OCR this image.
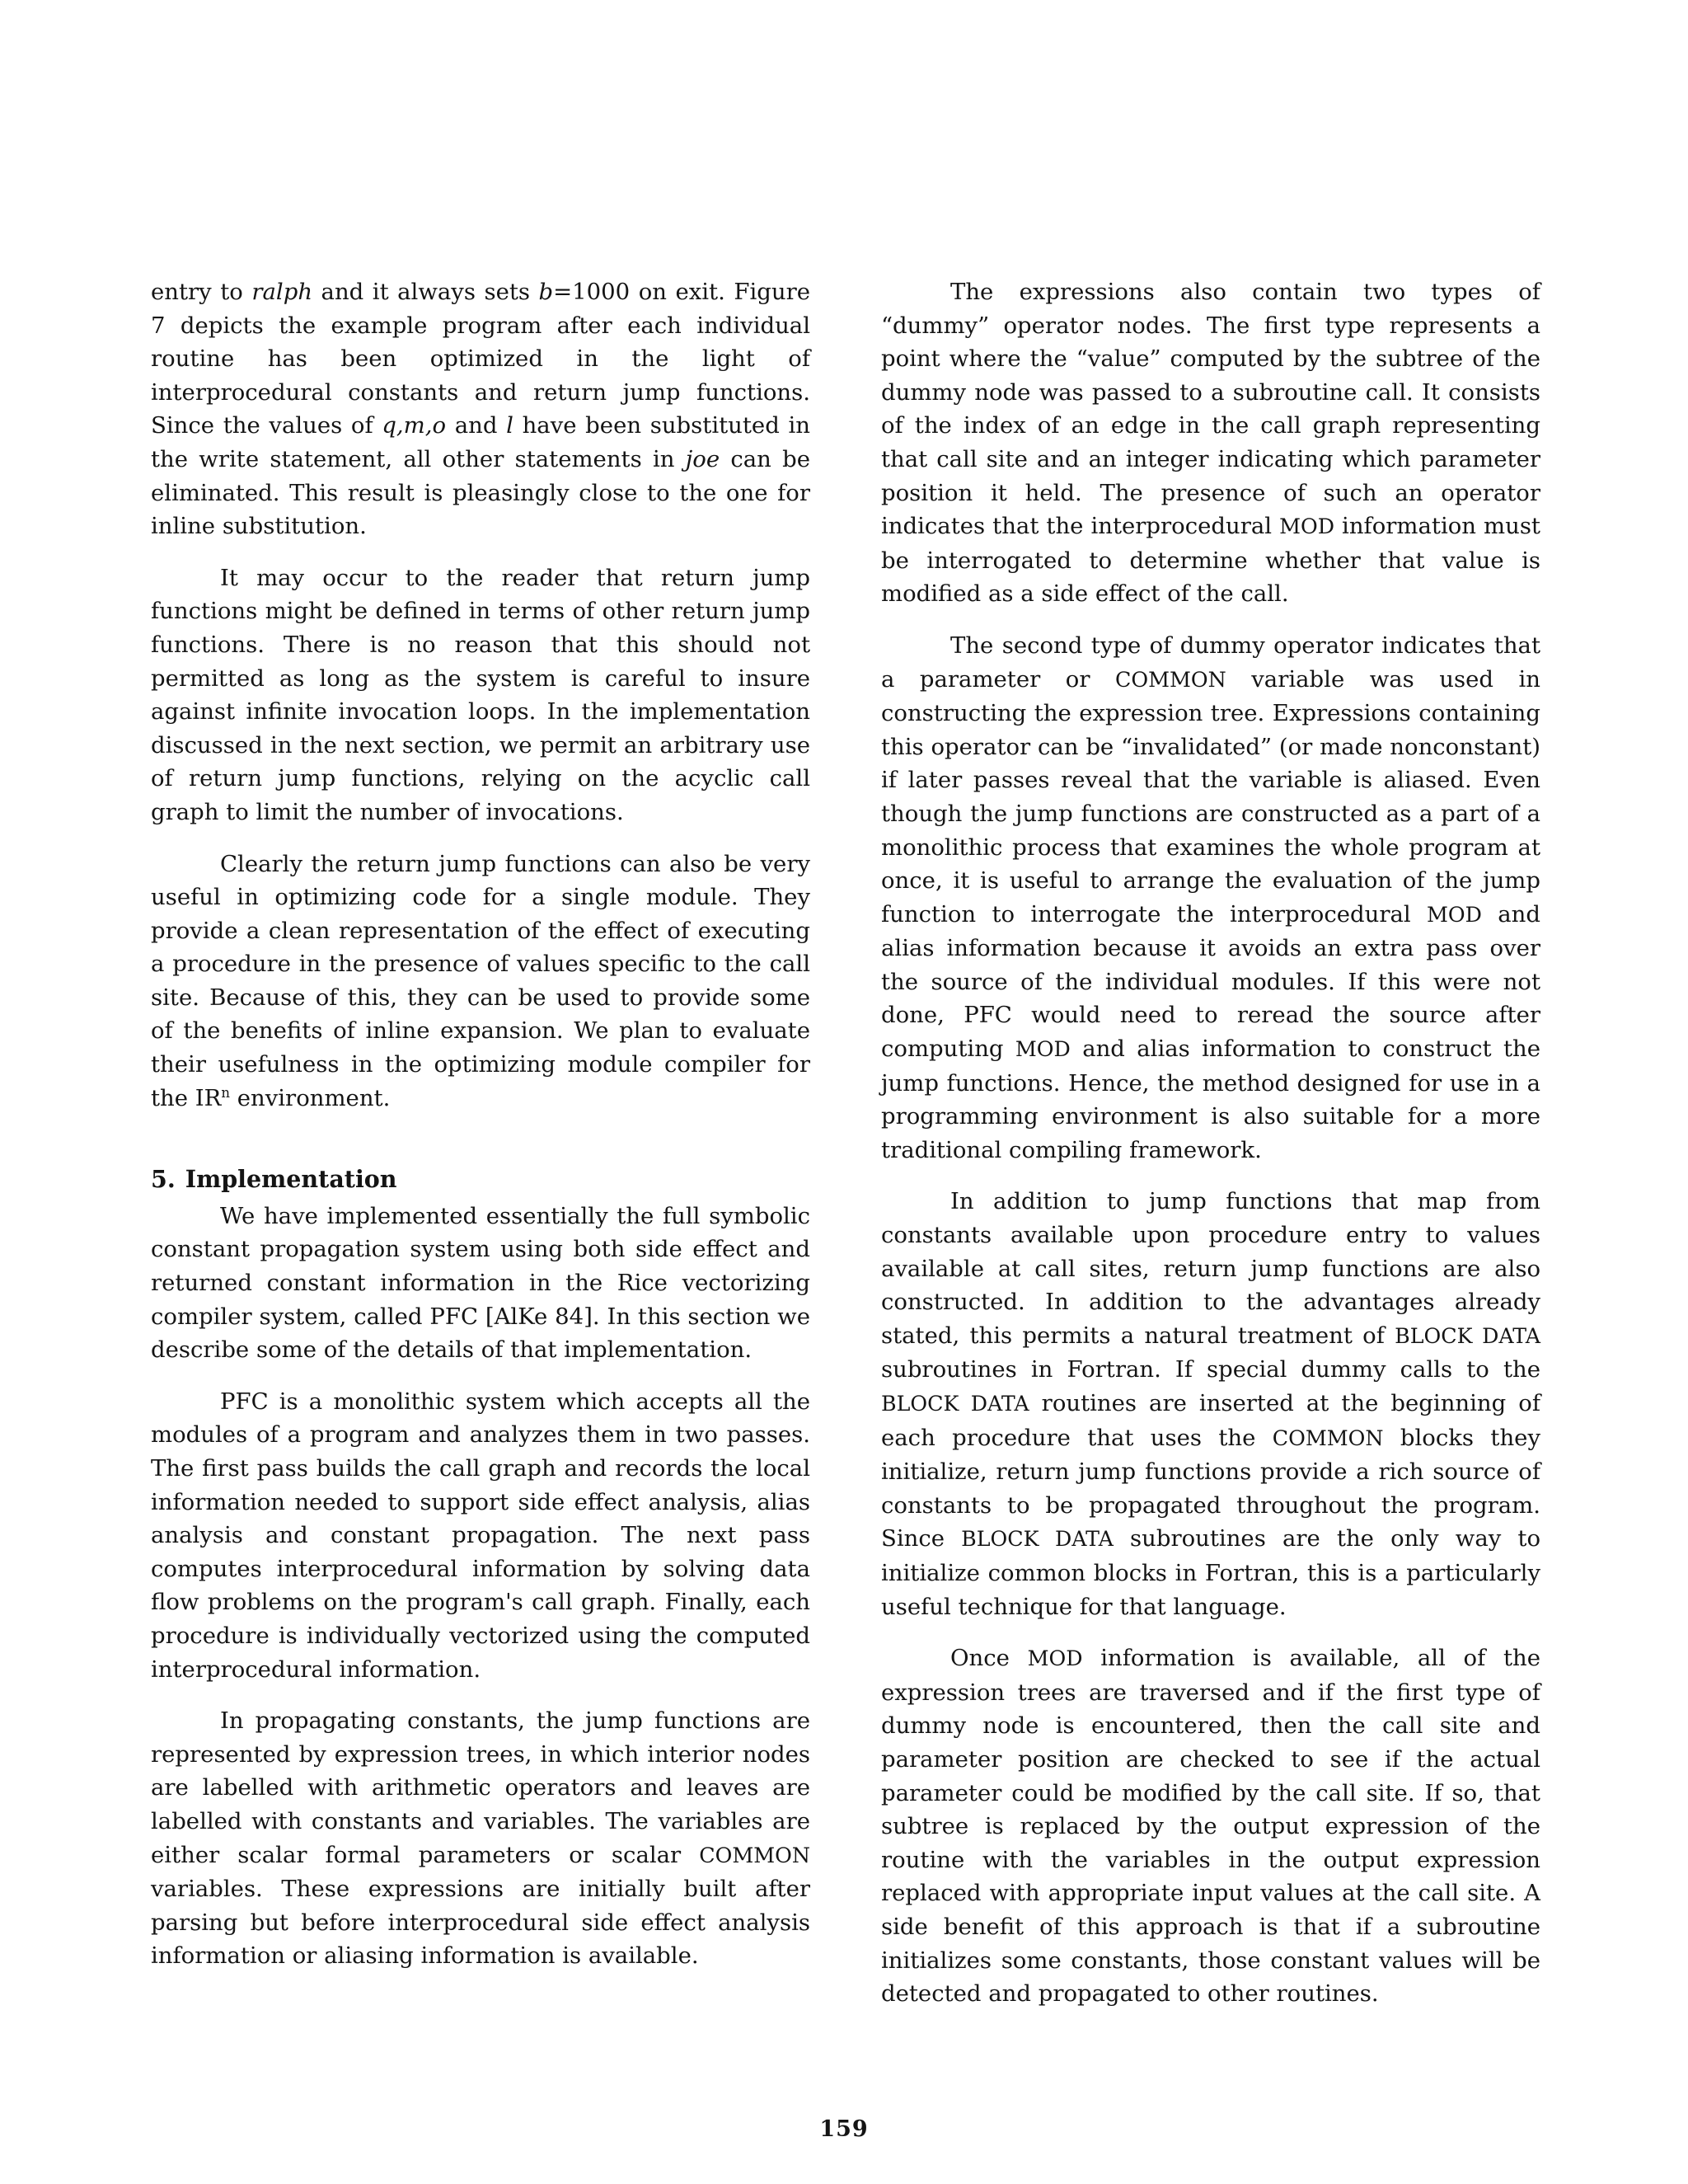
entry to ralph and it always sets b=1000 on exit. Figure 7 depicts the example program after each individual routine has been optimized in the light of interprocedural constants and return jump functions. Since the values of q,m,o and l have been substituted in the write statement, all other statements in joe can be eliminated. This result is pleasingly close to the one for inline substitution.

It may occur to the reader that return jump functions might be defined in terms of other return jump functions. There is no reason that this should not permitted as long as the system is careful to insure against infinite invocation loops. In the implementation discussed in the next section, we permit an arbitrary use of return jump functions, relying on the acyclic call graph to limit the number of invocations.

Clearly the return jump functions can also be very useful in optimizing code for a single module. They provide a clean representation of the effect of executing a procedure in the presence of values specific to the call site. Because of this, they can be used to provide some of the benefits of inline expansion. We plan to evaluate their usefulness in the optimizing module compiler for the $IR^n$ environment.

5. Implementation

We have implemented essentially the full symbolic constant propagation system using both side effect and returned constant information in the Rice vectorizing compiler system, called PFC [AlKe 84]. In this section we describe some of the details of that implementation.

PFC is a monolithic system which accepts all the modules of a program and analyzes them in two passes. The first pass builds the call graph and records the local information needed to support side effect analysis, alias analysis and constant propagation. The next pass computes interprocedural information by solving data flow problems on the program's call graph. Finally, each procedure is individually vectorized using the computed interprocedural information.

In propagating constants, the jump functions are represented by expression trees, in which interior nodes are labelled with arithmetic operators and leaves are labelled with constants and variables. The variables are either scalar formal parameters or scalar COMMON variables. These expressions are initially built after parsing but before interprocedural side effect analysis information or aliasing information is available.

The expressions also contain two types of “dummy” operator nodes. The first type represents a point where the “value” computed by the subtree of the dummy node was passed to a subroutine call. It consists of the index of an edge in the call graph representing that call site and an integer indicating which parameter position it held. The presence of such an operator indicates that the interprocedural MOD information must be interrogated to determine whether that value is modified as a side effect of the call.

The second type of dummy operator indicates that a parameter or COMMON variable was used in constructing the expression tree. Expressions containing this operator can be “invalidated” (or made nonconstant) if later passes reveal that the variable is aliased. Even though the jump functions are constructed as a part of a monolithic process that examines the whole program at once, it is useful to arrange the evaluation of the jump function to interrogate the interprocedural MOD and alias information because it avoids an extra pass over the source of the individual modules. If this were not done, PFC would need to reread the source after computing MOD and alias information to construct the jump functions. Hence, the method designed for use in a programming environment is also suitable for a more traditional compiling framework.

In addition to jump functions that map from constants available upon procedure entry to values available at call sites, return jump functions are also constructed. In addition to the advantages already stated, this permits a natural treatment of BLOCK DATA subroutines in Fortran. If special dummy calls to the BLOCK DATA routines are inserted at the beginning of each procedure that uses the COMMON blocks they initialize, return jump functions provide a rich source of constants to be propagated throughout the program. Since BLOCK DATA subroutines are the only way to initialize common blocks in Fortran, this is a particularly useful technique for that language.

Once MOD information is available, all of the expression trees are traversed and if the first type of dummy node is encountered, then the call site and parameter position are checked to see if the actual parameter could be modified by the call site. If so, that subtree is replaced by the output expression of the routine with the variables in the output expression replaced with appropriate input values at the call site. A side benefit of this approach is that if a subroutine initializes some constants, those constant values will be detected and propagated to other routines.

159
